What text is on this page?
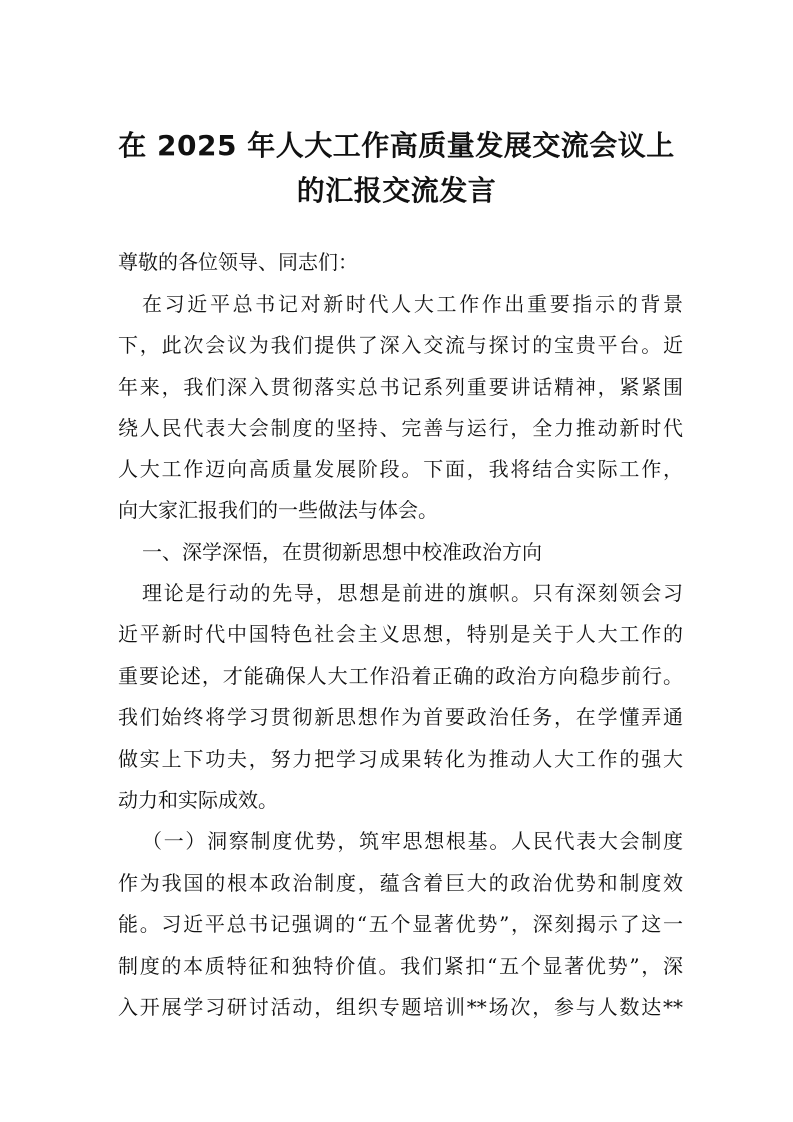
在 2025 年人大工作高质量发展交流会议上
的汇报交流发言
尊敬的各位领导、同志们：
在习近平总书记对新时代人大工作作出重要指示的背景
下，此次会议为我们提供了深入交流与探讨的宝贵平台。近
年来，我们深入贯彻落实总书记系列重要讲话精神，紧紧围
绕人民代表大会制度的坚持、完善与运行，全力推动新时代
人大工作迈向高质量发展阶段。下面，我将结合实际工作，
向大家汇报我们的一些做法与体会。
一、深学深悟，在贯彻新思想中校准政治方向
理论是行动的先导，思想是前进的旗帜。只有深刻领会习
近平新时代中国特色社会主义思想，特别是关于人大工作的
重要论述，才能确保人大工作沿着正确的政治方向稳步前行。
我们始终将学习贯彻新思想作为首要政治任务，在学懂弄通
做实上下功夫，努力把学习成果转化为推动人大工作的强大
动力和实际成效。
（一）洞察制度优势，筑牢思想根基。人民代表大会制度
作为我国的根本政治制度，蕴含着巨大的政治优势和制度效
能。习近平总书记强调的“五个显著优势”，深刻揭示了这一
制度的本质特征和独特价值。我们紧扣“五个显著优势”，深
入开展学习研讨活动，组织专题培训**场次，参与人数达**
